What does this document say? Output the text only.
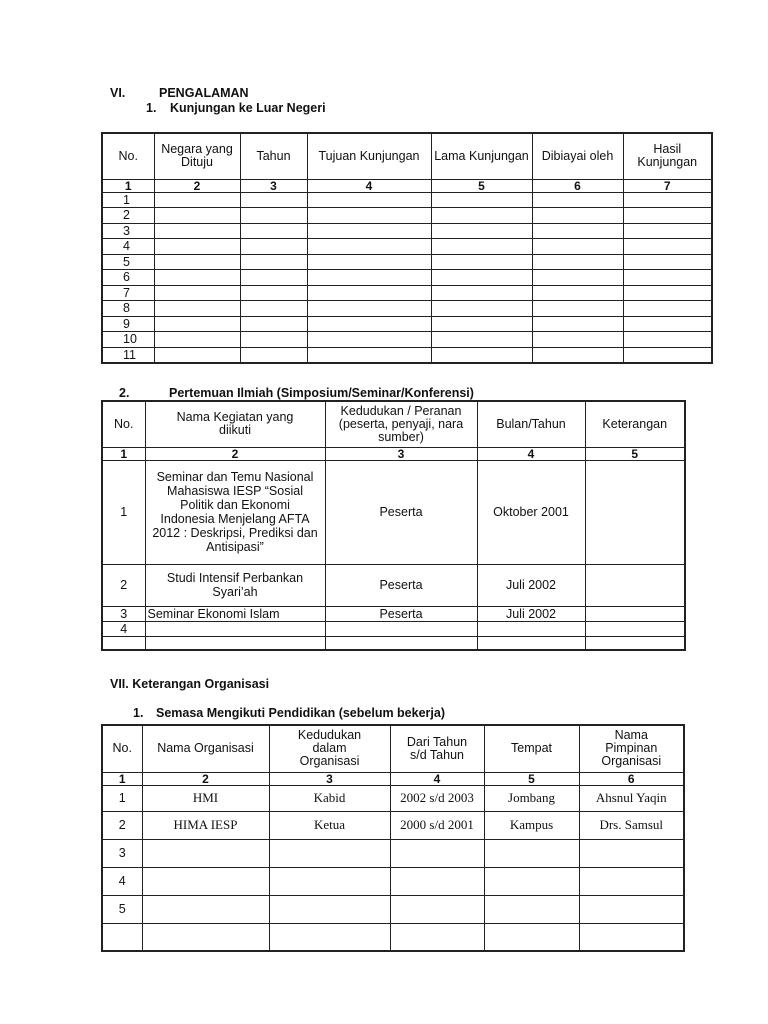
VI.	PENGALAMAN
1. Kunjungan ke Luar Negeri
No.	Negara yang Dituju	Tahun	Tujuan Kunjungan	Lama Kunjungan	Dibiayai oleh	Hasil Kunjungan
1	2	3	4	5	6	7
1						
2						
3						
4						
5						
6						
7						
8						
9						
10						
11						
2.	Pertemuan Ilmiah (Simposium/Seminar/Konferensi)
No.	Nama Kegiatan yang diikuti	Kedudukan / Peranan (peserta, penyaji, nara sumber)	Bulan/Tahun	Keterangan
1	2	3	4	5
1	Seminar dan Temu Nasional Mahasiswa IESP “Sosial Politik dan Ekonomi Indonesia Menjelang AFTA 2012 : Deskripsi, Prediksi dan Antisipasi”	Peserta	Oktober 2001	
2	Studi Intensif Perbankan Syari’ah	Peserta	Juli 2002	
3	Seminar Ekonomi Islam	Peserta	Juli 2002	
4				

VII. Keterangan Organisasi
1. Semasa Mengikuti Pendidikan (sebelum bekerja)
No.	Nama Organisasi	Kedudukan dalam Organisasi	Dari Tahun s/d Tahun	Tempat	Nama Pimpinan Organisasi
1	2	3	4	5	6
1	HMI	Kabid	2002 s/d 2003	Jombang	Ahsnul Yaqin
2	HIMA IESP	Ketua	2000 s/d 2001	Kampus	Drs. Samsul
3					
4					
5					
